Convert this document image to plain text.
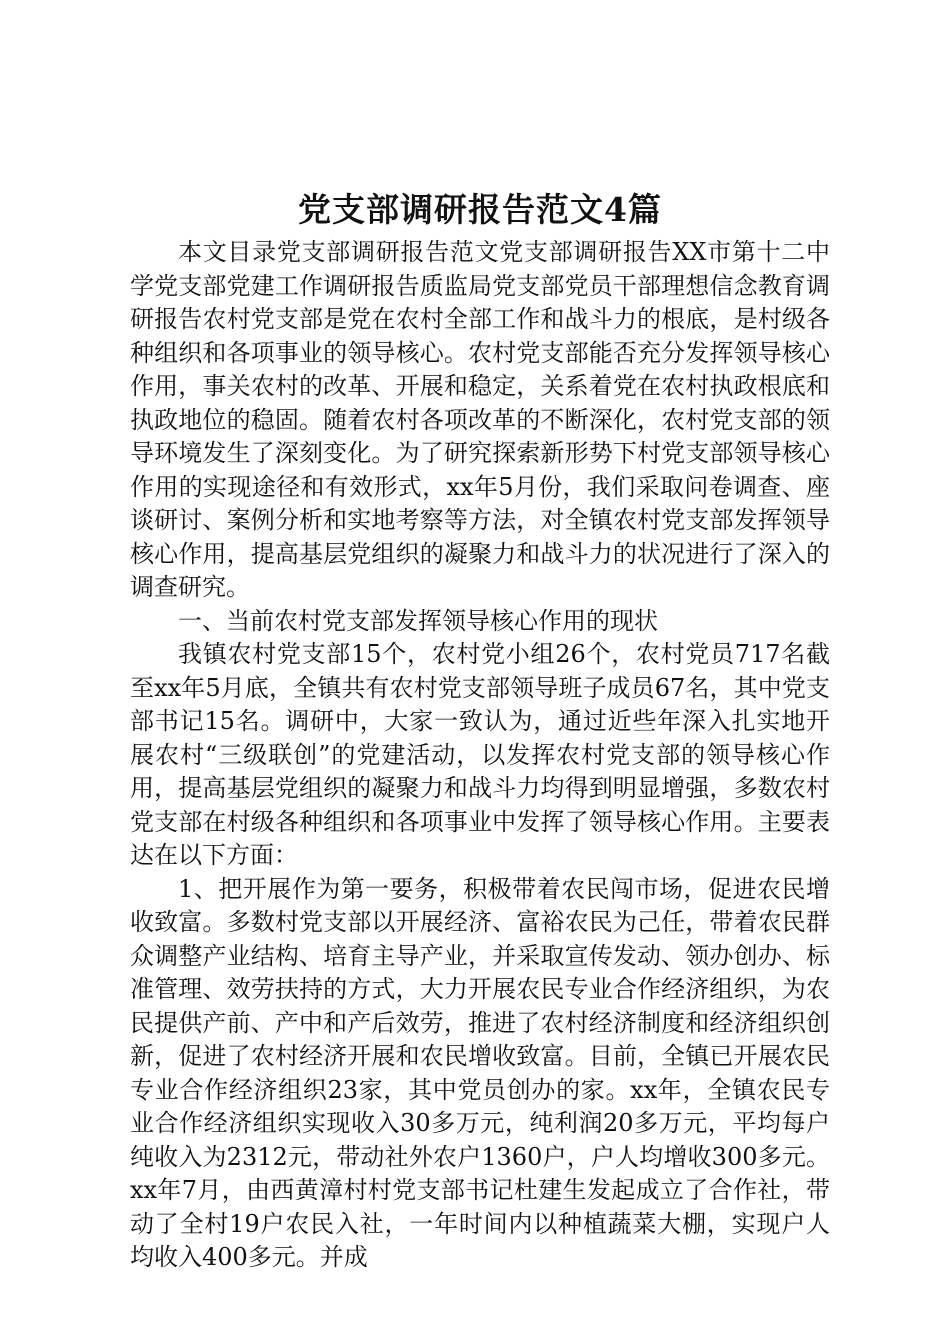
党支部调研报告范文4篇

本文目录党支部调研报告范文党支部调研报告XX市第十二中学党支部党建工作调研报告质监局党支部党员干部理想信念教育调研报告农村党支部是党在农村全部工作和战斗力的根底，是村级各种组织和各项事业的领导核心。农村党支部能否充分发挥领导核心作用，事关农村的改革、开展和稳定，关系着党在农村执政根底和执政地位的稳固。随着农村各项改革的不断深化，农村党支部的领导环境发生了深刻变化。为了研究探索新形势下村党支部领导核心作用的实现途径和有效形式，xx年5月份，我们采取问卷调查、座谈研讨、案例分析和实地考察等方法，对全镇农村党支部发挥领导核心作用，提高基层党组织的凝聚力和战斗力的状况进行了深入的调查研究。

一、当前农村党支部发挥领导核心作用的现状

我镇农村党支部15个，农村党小组26个，农村党员717名截至xx年5月底，全镇共有农村党支部领导班子成员67名，其中党支部书记15名。调研中，大家一致认为，通过近些年深入扎实地开展农村“三级联创”的党建活动，以发挥农村党支部的领导核心作用，提高基层党组织的凝聚力和战斗力均得到明显增强，多数农村党支部在村级各种组织和各项事业中发挥了领导核心作用。主要表达在以下方面：

1、把开展作为第一要务，积极带着农民闯市场，促进农民增收致富。多数村党支部以开展经济、富裕农民为己任，带着农民群众调整产业结构、培育主导产业，并采取宣传发动、领办创办、标准管理、效劳扶持的方式，大力开展农民专业合作经济组织，为农民提供产前、产中和产后效劳，推进了农村经济制度和经济组织创新，促进了农村经济开展和农民增收致富。目前，全镇已开展农民专业合作经济组织23家，其中党员创办的家。xx年，全镇农民专业合作经济组织实现收入30多万元，纯利润20多万元，平均每户纯收入为2312元，带动社外农户1360户，户人均增收300多元。xx年7月，由西黄漳村村党支部书记杜建生发起成立了合作社，带动了全村19户农民入社，一年时间内以种植蔬菜大棚，实现户人均收入400多元。并成
